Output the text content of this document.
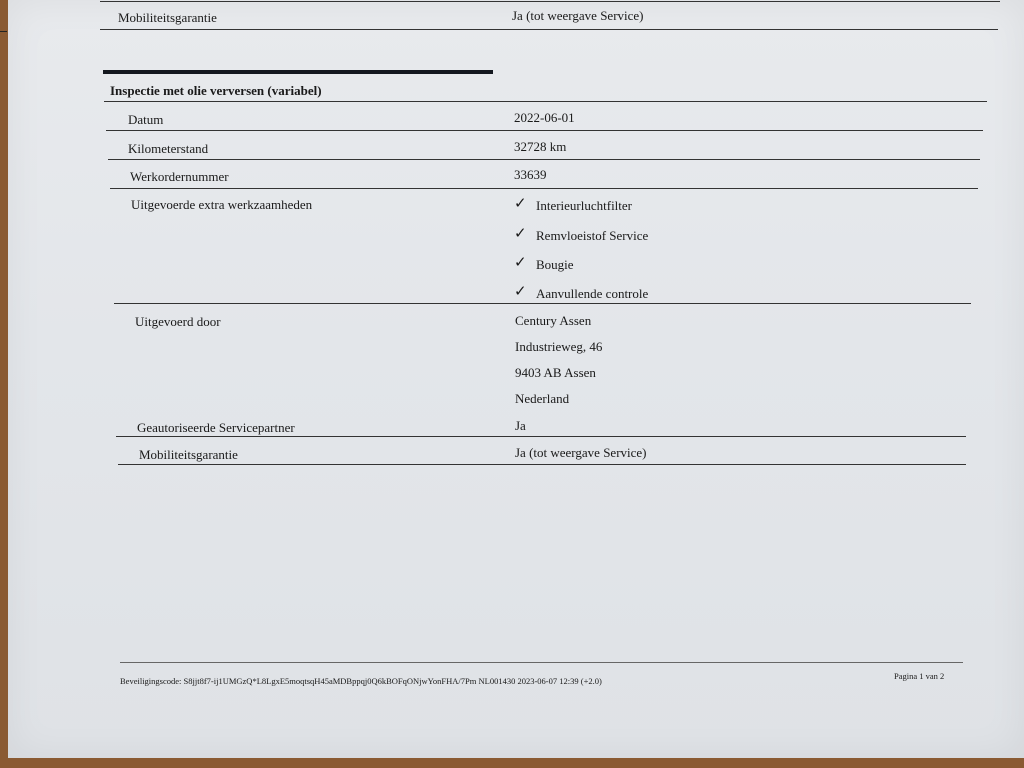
Mobiliteitsgarantie	Ja (tot weergave Service)
Inspectie met olie verversen (variabel)
Datum	2022-06-01
Kilometerstand	32728 km
Werkordernummer	33639
Uitgevoerde extra werkzaamheden	✓ Interieurluchtfilter
✓ Remvloeistof Service
✓ Bougie
✓ Aanvullende controle
Uitgevoerd door	Century Assen
Industrieweg, 46
9403 AB Assen
Nederland
Geautoriseerde Servicepartner	Ja
Mobiliteitsgarantie	Ja (tot weergave Service)
Beveiligingscode: S8jjt8f7-ij1UMGzQ*L8LgxE5moqtsqH45aMDBppqj0Q6kBOFqONjwYonFHA/7Pm NL001430 2023-06-07 12:39 (+2.0)	Pagina 1 van 2
